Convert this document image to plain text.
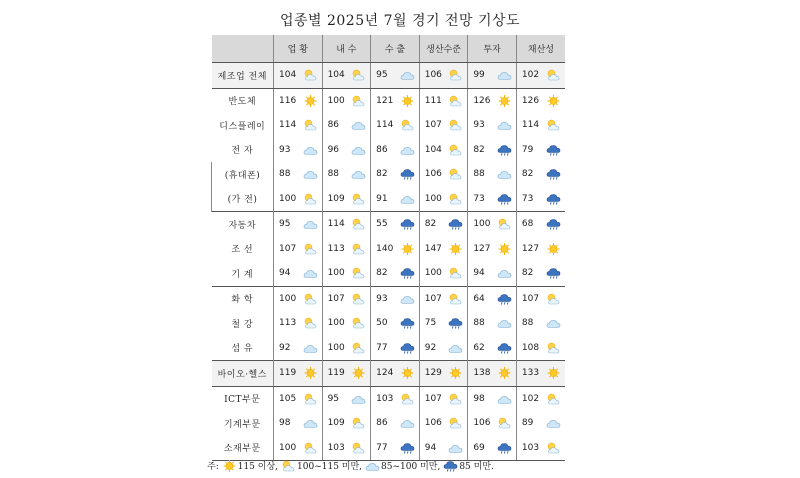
업종별 2025년 7월 경기 전망 기상도
	업 황	내 수	수 출	생산수준	투자	채산성
제조업 전체	104	104	95	106	99	102

반도체	116	100	121	111	126	126

디스플레이	114	86	114	107	93	114

전 자	93	96	86	104	82	79

(휴대폰)	88	88	82	106	88	82

(가 전)	100	109	91	100	73	73

자동차	95	114	55	82	100	68

조 선	107	113	140	147	127	127

기 계	94	100	82	100	94	82

화 학	100	107	93	107	64	107

철 강	113	100	50	75	88	88

섬 유	92	100	77	92	62	108

바이오·헬스	119	119	124	129	138	133

ICT부문	105	95	103	107	98	102

기계부문	98	109	86	106	106	89

소재부문	100	103	77	94	69	103
주: 115 이상, 100~115 미만, 85~100 미만, 85 미만.
